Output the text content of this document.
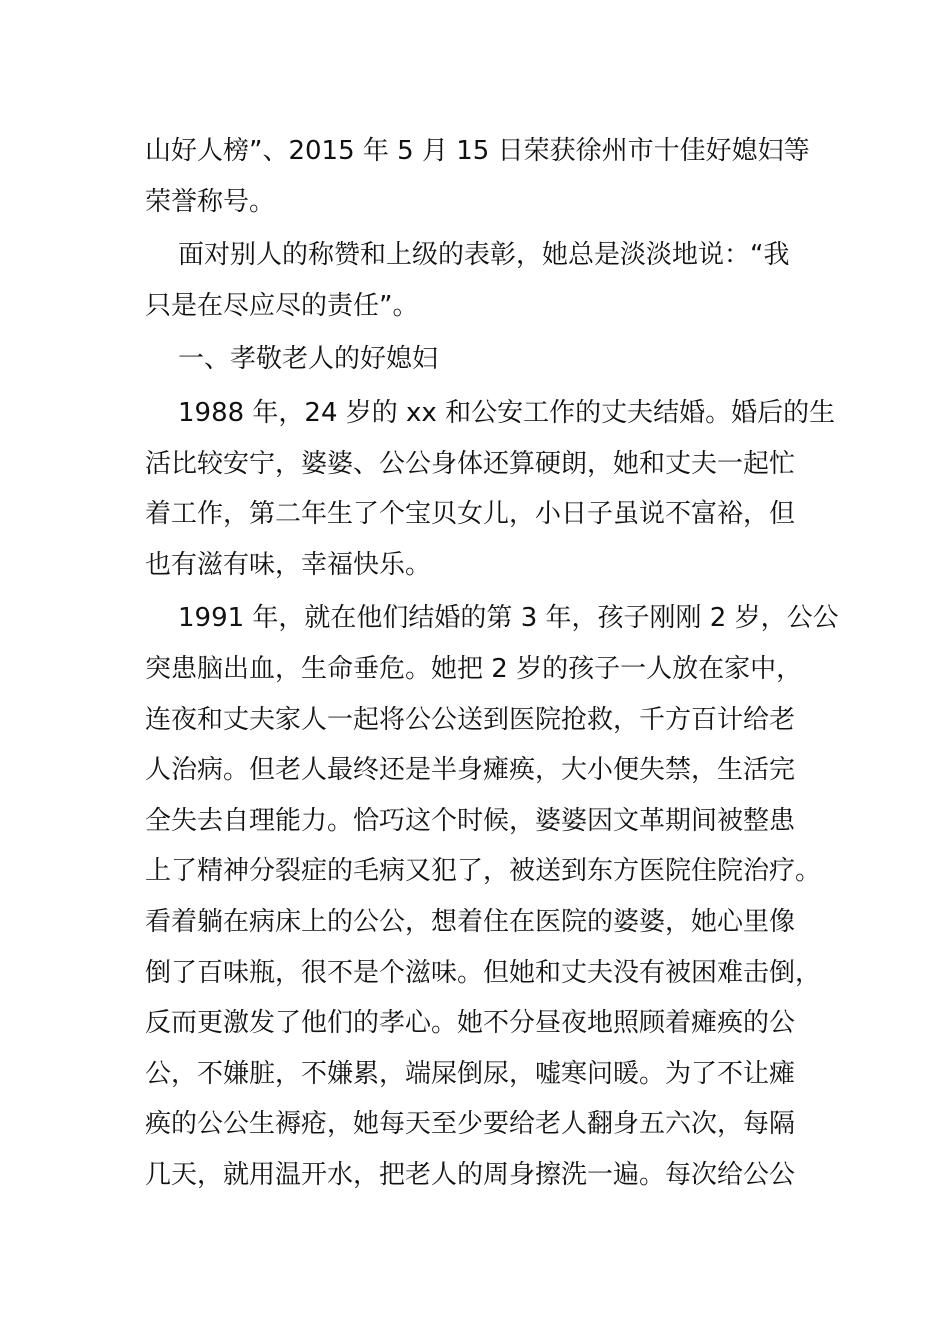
山好人榜”、2015 年 5 月 15 日荣获徐州市十佳好媳妇等
荣誉称号。
面对别人的称赞和上级的表彰，她总是淡淡地说：“我
只是在尽应尽的责任”。
一、孝敬老人的好媳妇
1988 年，24 岁的 xx 和公安工作的丈夫结婚。婚后的生
活比较安宁，婆婆、公公身体还算硬朗，她和丈夫一起忙
着工作，第二年生了个宝贝女儿，小日子虽说不富裕，但
也有滋有味，幸福快乐。
1991 年，就在他们结婚的第 3 年，孩子刚刚 2 岁，公公
突患脑出血，生命垂危。她把 2 岁的孩子一人放在家中，
连夜和丈夫家人一起将公公送到医院抢救，千方百计给老
人治病。但老人最终还是半身瘫痪，大小便失禁，生活完
全失去自理能力。恰巧这个时候，婆婆因文革期间被整患
上了精神分裂症的毛病又犯了，被送到东方医院住院治疗。
看着躺在病床上的公公，想着住在医院的婆婆，她心里像
倒了百味瓶，很不是个滋味。但她和丈夫没有被困难击倒，
反而更激发了他们的孝心。她不分昼夜地照顾着瘫痪的公
公，不嫌脏，不嫌累，端屎倒尿，嘘寒问暖。为了不让瘫
痪的公公生褥疮，她每天至少要给老人翻身五六次，每隔
几天，就用温开水，把老人的周身擦洗一遍。每次给公公
